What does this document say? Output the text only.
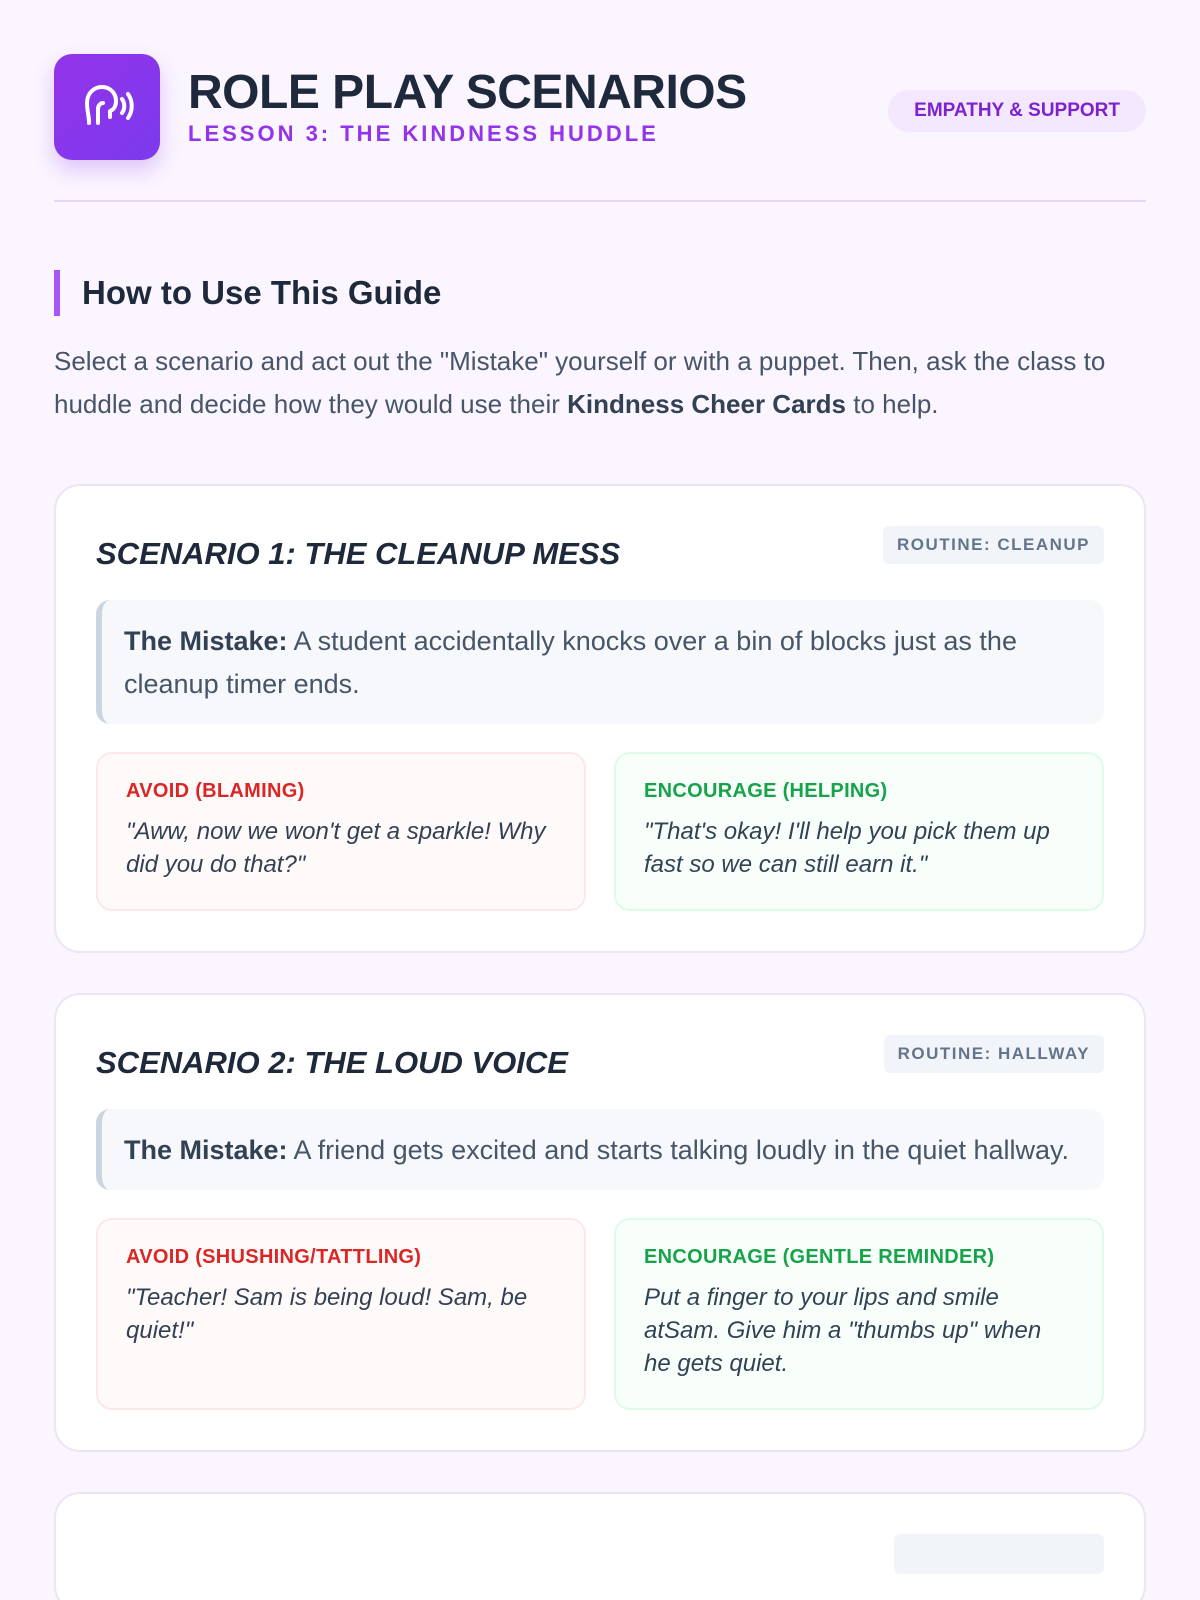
ROLE PLAY SCENARIOS
LESSON 3: THE KINDNESS HUDDLE
EMPATHY & SUPPORT
How to Use This Guide

Select a scenario and act out the "Mistake" yourself or with a puppet. Then, ask the class to huddle and decide how they would use their Kindness Cheer Cards to help.

SCENARIO 1: THE CLEANUP MESS	ROUTINE: CLEANUP
The Mistake: A student accidentally knocks over a bin of blocks just as the cleanup timer ends.
AVOID (BLAMING)
"Aww, now we won't get a sparkle! Why did you do that?"
ENCOURAGE (HELPING)
"That's okay! I'll help you pick them up fast so we can still earn it."
SCENARIO 2: THE LOUD VOICE	ROUTINE: HALLWAY
The Mistake: A friend gets excited and starts talking loudly in the quiet hallway.
AVOID (SHUSHING/TATTLING)
"Teacher! Sam is being loud! Sam, be quiet!"
ENCOURAGE (GENTLE REMINDER)
Put a finger to your lips and smile atSam. Give him a "thumbs up" when he gets quiet.
